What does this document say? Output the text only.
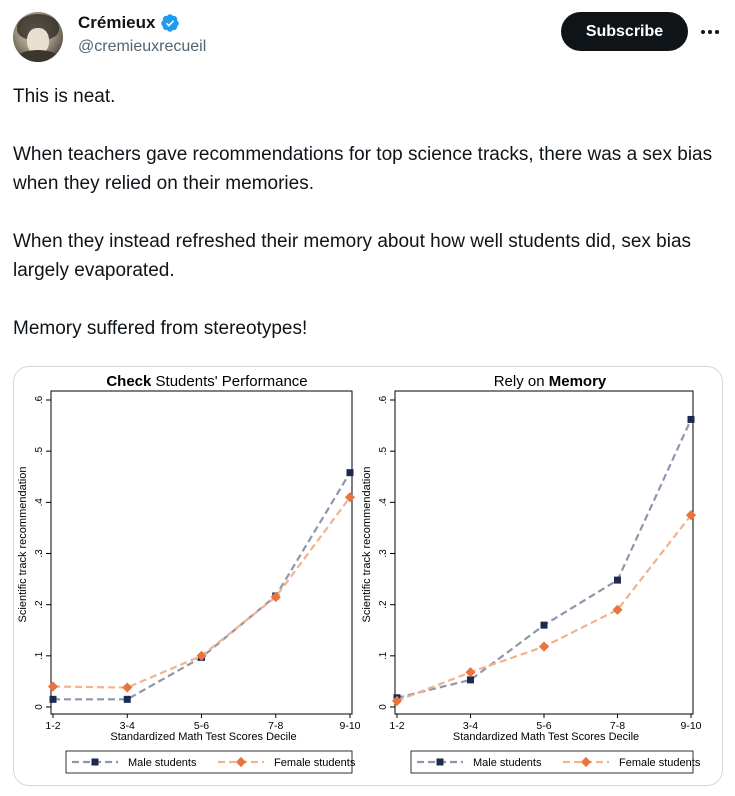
Crémieux
@cremieuxrecueil
Subscribe

This is neat.

When teachers gave recommendations for top science tracks, there was a sex bias when they relied on their memories.

When they instead refreshed their memory about how well students did, sex bias largely evaporated.

Memory suffered from stereotypes!

Check Students' Performance
0
.1
.2
.3
.4
.5
.6
1-2	3-4	5-6	7-8	9-10
Standardized Math Test Scores Decile
Scientific track recommendation
Male students	Female students
Rely on Memory
0
.1
.2
.3
.4
.5
.6
1-2	3-4	5-6	7-8	9-10
Standardized Math Test Scores Decile
Scientific track recommendation
Male students	Female students
